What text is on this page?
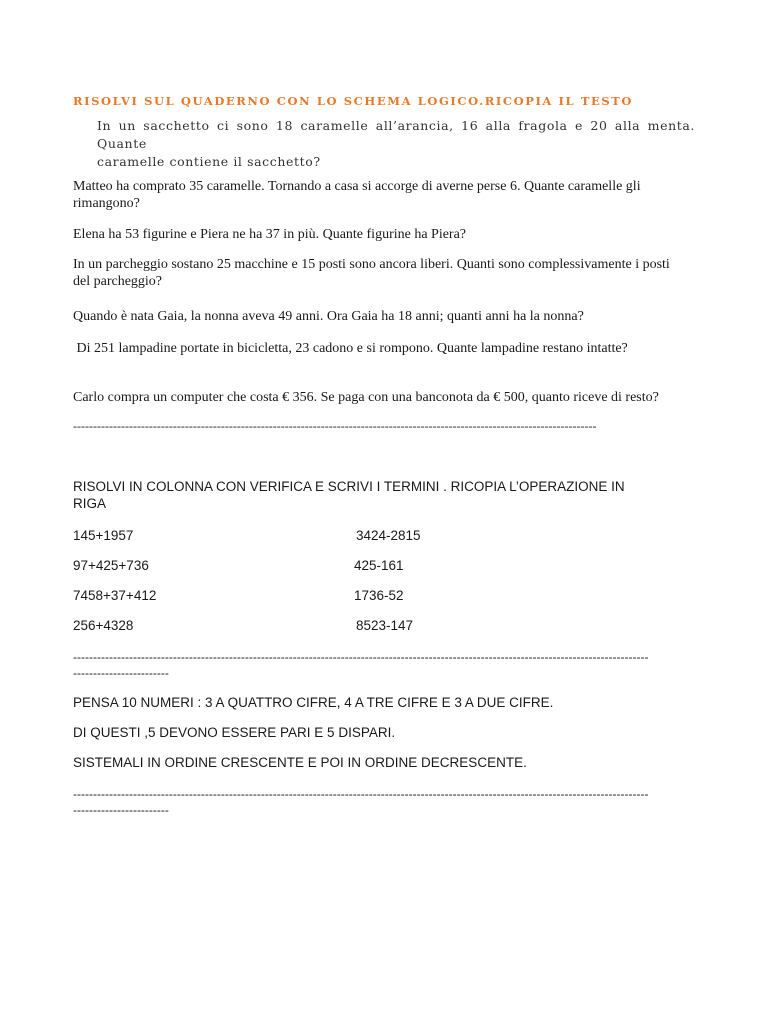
RISOLVI SUL QUADERNO CON LO SCHEMA LOGICO.RICOPIA IL TESTO
In un sacchetto ci sono 18 caramelle all’arancia, 16 alla fragola e 20 alla menta. Quante
caramelle contiene il sacchetto?
Matteo ha comprato 35 caramelle. Tornando a casa si accorge di averne perse 6. Quante caramelle gli
rimangono?
Elena ha 53 figurine e Piera ne ha 37 in più. Quante figurine ha Piera?
In un parcheggio sostano 25 macchine e 15 posti sono ancora liberi. Quanti sono complessivamente i posti
del parcheggio?
Quando è nata Gaia, la nonna aveva 49 anni. Ora Gaia ha 18 anni; quanti anni ha la nonna?
Di 251 lampadine portate in bicicletta, 23 cadono e si rompono. Quante lampadine restano intatte?
Carlo compra un computer che costa € 356. Se paga con una banconota da € 500, quanto riceve di resto?
-----------------------------------------------------------------------------------------------------------------------------------
RISOLVI IN COLONNA CON VERIFICA E SCRIVI I TERMINI . RICOPIA L’OPERAZIONE IN
RIGA
145+1957
97+425+736
7458+37+412
256+4328
3424-2815
425-161
1736-52
8523-147
------------------------------------------------------------------------------------------------------------------------------------------------
------------------------
PENSA 10 NUMERI : 3 A QUATTRO CIFRE, 4 A TRE CIFRE E 3 A DUE CIFRE.
DI QUESTI ,5 DEVONO ESSERE PARI E 5 DISPARI.
SISTEMALI IN ORDINE CRESCENTE E POI IN ORDINE DECRESCENTE.
------------------------------------------------------------------------------------------------------------------------------------------------
------------------------
